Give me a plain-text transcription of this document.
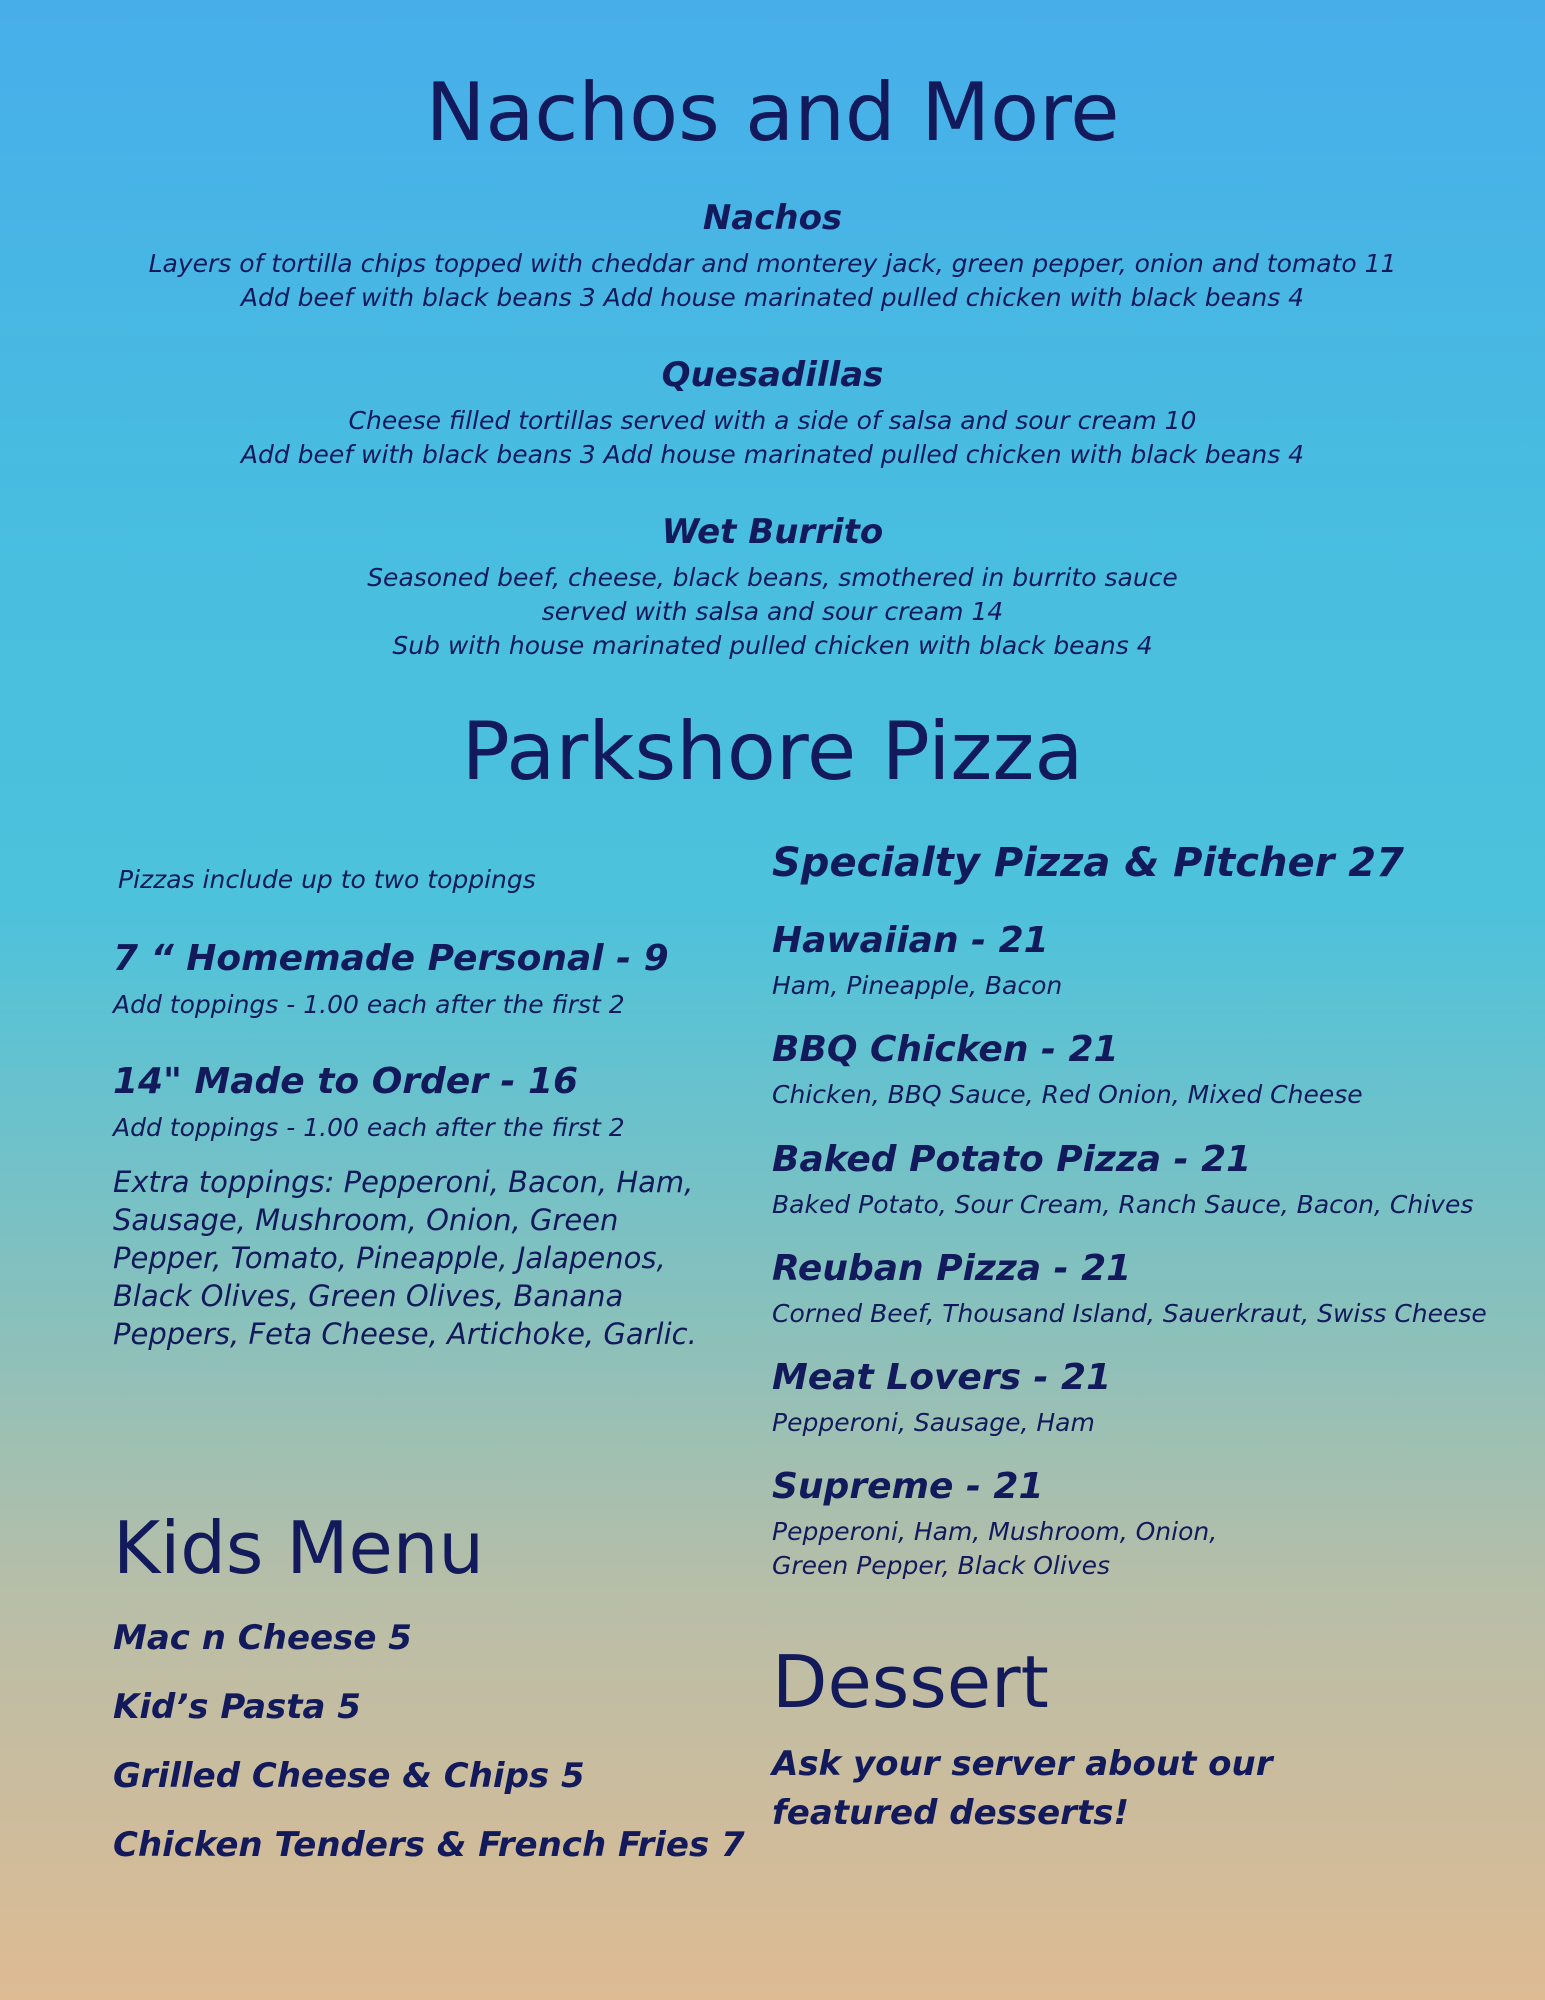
Nachos and More
Nachos
Layers of tortilla chips topped with cheddar and monterey jack, green pepper, onion and tomato 11
Add beef with black beans 3 Add house marinated pulled chicken with black beans 4
Quesadillas
Cheese filled tortillas served with a side of salsa and sour cream 10
Add beef with black beans 3 Add house marinated pulled chicken with black beans 4
Wet Burrito
Seasoned beef, cheese, black beans, smothered in burrito sauce
served with salsa and sour cream 14
Sub with house marinated pulled chicken with black beans 4
Parkshore Pizza
Pizzas include up to two toppings
7 “ Homemade Personal - 9
Add toppings - 1.00 each after the first 2
14" Made to Order - 16
Add toppings - 1.00 each after the first 2
Extra toppings: Pepperoni, Bacon, Ham,
Sausage, Mushroom, Onion, Green
Pepper, Tomato, Pineapple, Jalapenos,
Black Olives, Green Olives, Banana
Peppers, Feta Cheese, Artichoke, Garlic.
Specialty Pizza & Pitcher 27
Hawaiian - 21
Ham, Pineapple, Bacon
BBQ Chicken - 21
Chicken, BBQ Sauce, Red Onion, Mixed Cheese
Baked Potato Pizza - 21
Baked Potato, Sour Cream, Ranch Sauce, Bacon, Chives
Reuban Pizza - 21
Corned Beef, Thousand Island, Sauerkraut, Swiss Cheese
Meat Lovers - 21
Pepperoni, Sausage, Ham
Supreme - 21
Pepperoni, Ham, Mushroom, Onion,
Green Pepper, Black Olives
Kids Menu
Mac n Cheese 5
Kid’s Pasta 5
Grilled Cheese & Chips 5
Chicken Tenders & French Fries 7
Dessert
Ask your server about our
featured desserts!
